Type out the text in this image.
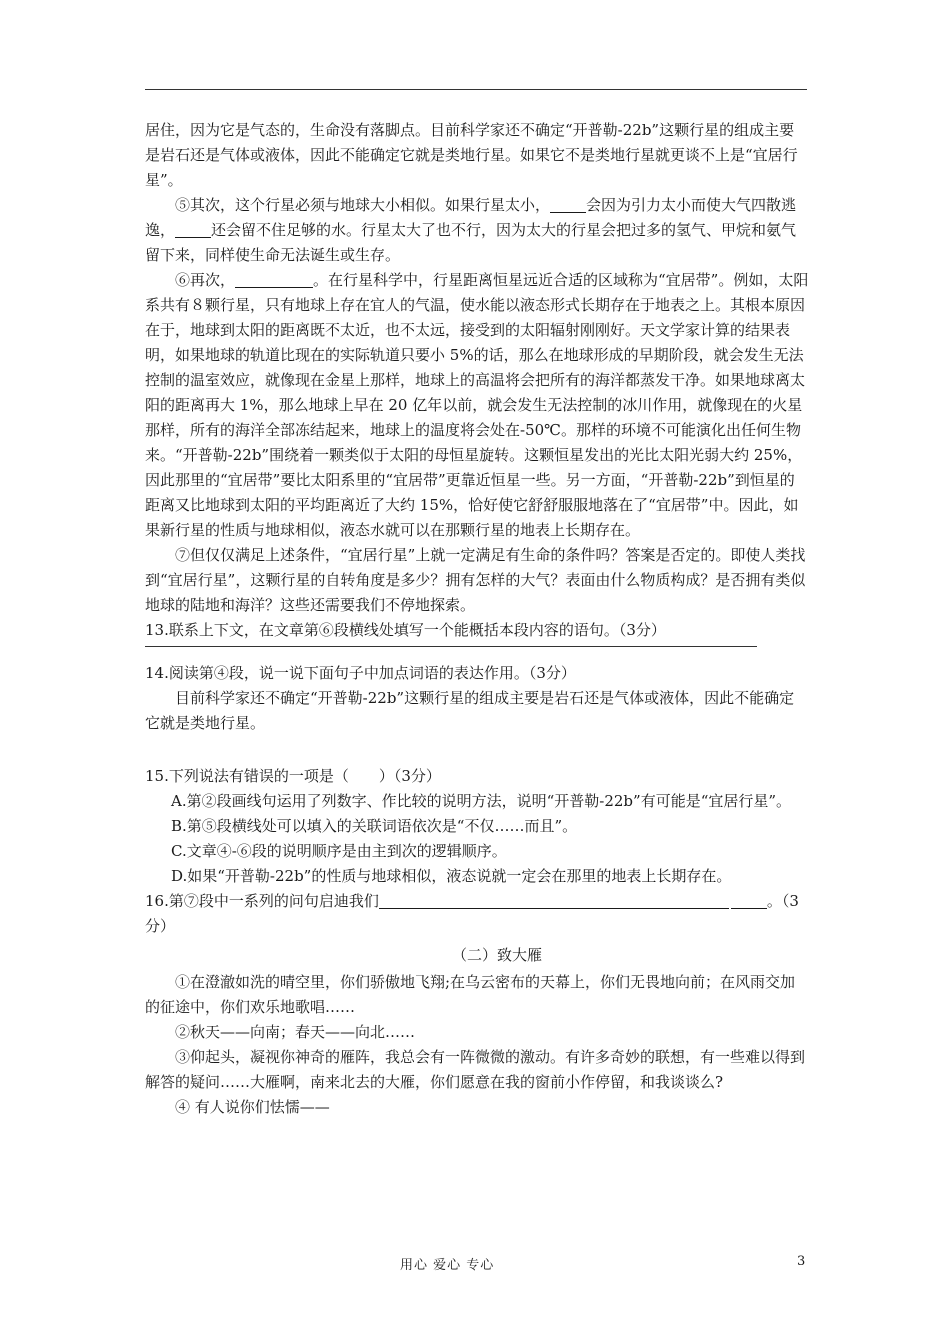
居住，因为它是气态的，生命没有落脚点。目前科学家还不确定“开普勒-22b”这颗行星的组成主要是岩石还是气体或液体，因此不能确定它就是类地行星。如果它不是类地行星就更谈不上是“宜居行星”。

⑤其次，这个行星必须与地球大小相似。如果行星太小， 会因为引力太小而使大气四散逃逸， 还会留不住足够的水。行星太大了也不行，因为太大的行星会把过多的氢气、甲烷和氨气留下来，同样使生命无法诞生或生存。

⑥再次，	。在行星科学中，行星距离恒星远近合适的区域称为“宜居带”。例如，太阳系共有８颗行星，只有地球上存在宜人的气温，使水能以液态形式长期存在于地表之上。其根本原因在于，地球到太阳的距离既不太近，也不太远，接受到的太阳辐射刚刚好。天文学家计算的结果表明，如果地球的轨道比现在的实际轨道只要小 5%的话，那么在地球形成的早期阶段，就会发生无法控制的温室效应，就像现在金星上那样，地球上的高温将会把所有的海洋都蒸发干净。如果地球离太阳的距离再大 1%，那么地球上早在 20 亿年以前，就会发生无法控制的冰川作用，就像现在的火星那样，所有的海洋全部冻结起来，地球上的温度将会处在-50℃。那样的环境不可能演化出任何生物来。“开普勒-22b”围绕着一颗类似于太阳的母恒星旋转。这颗恒星发出的光比太阳光弱大约 25%，因此那里的“宜居带”要比太阳系里的“宜居带”更靠近恒星一些。另一方面，“开普勒-22b”到恒星的距离又比地球到太阳的平均距离近了大约 15%，恰好使它舒舒服服地落在了“宜居带”中。因此，如果新行星的性质与地球相似，液态水就可以在那颗行星的地表上长期存在。

⑦但仅仅满足上述条件，“宜居行星”上就一定满足有生命的条件吗？答案是否定的。即使人类找到“宜居行星”，这颗行星的自转角度是多少？拥有怎样的大气？表面由什么物质构成？是否拥有类似地球的陆地和海洋？这些还需要我们不停地探索。

13.联系上下文，在文章第⑥段横线处填写一个能概括本段内容的语句。（3分）

14.阅读第④段，说一说下面句子中加点词语的表达作用。（3分）

目前科学家还不确定“开普勒-22b”这颗行星的组成主要是岩石还是气体或液体，因此不能确定它就是类地行星。

15.下列说法有错误的一项是（　　）（3分）

A.第②段画线句运用了列数字、作比较的说明方法，说明“开普勒-22b”有可能是“宜居行星”。

B.第⑤段横线处可以填入的关联词语依次是“不仅……而且”。

C.文章④-⑥段的说明顺序是由主到次的逻辑顺序。

D.如果“开普勒-22b”的性质与地球相似，液态说就一定会在那里的地表上长期存在。

16.第⑦段中一系列的问句启迪我们	。（3

分）

（二）致大雁

①在澄澈如洗的晴空里，你们骄傲地飞翔;在乌云密布的天幕上，你们无畏地向前；在风雨交加的征途中，你们欢乐地歌唱……

②秋天——向南；春天——向北……

③仰起头，凝视你神奇的雁阵，我总会有一阵微微的激动。有许多奇妙的联想，有一些难以得到解答的疑问……大雁啊，南来北去的大雁，你们愿意在我的窗前小作停留，和我谈谈么?

④ 有人说你们怯懦——

用心 爱心 专心	3
